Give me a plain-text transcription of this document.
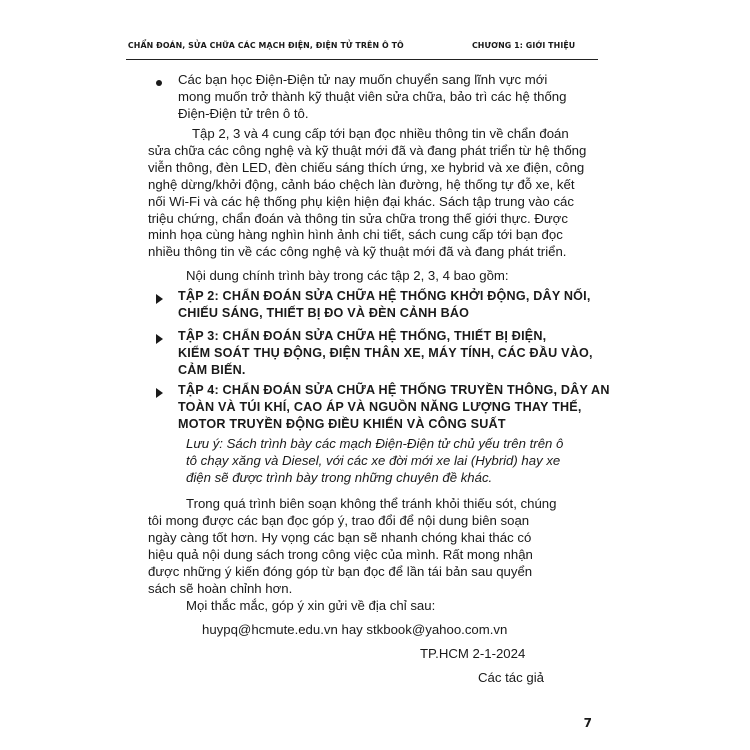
CHẨN ĐOÁN, SỬA CHỮA CÁC MẠCH ĐIỆN, ĐIỆN TỬ TRÊN Ô TÔ	CHƯƠNG 1: GIỚI THIỆU
Các bạn học Điện-Điện tử nay muốn chuyển sang lĩnh vực mới
mong muốn trở thành kỹ thuật viên sửa chữa, bảo trì các hệ thống
Điện-Điện tử trên ô tô.
Tập 2, 3 và 4 cung cấp tới bạn đọc nhiều thông tin về chẩn đoán
sửa chữa các công nghệ và kỹ thuật mới đã và đang phát triển từ hệ thống
viễn thông, đèn LED, đèn chiếu sáng thích ứng, xe hybrid và xe điện, công
nghệ dừng/khởi động, cảnh báo chệch làn đường, hệ thống tự đỗ xe, kết
nối Wi-Fi và các hệ thống phụ kiện hiện đại khác. Sách tập trung vào các
triệu chứng, chẩn đoán và thông tin sửa chữa trong thế giới thực. Được
minh họa cùng hàng nghìn hình ảnh chi tiết, sách cung cấp tới bạn đọc
nhiều thông tin về các công nghệ và kỹ thuật mới đã và đang phát triển.
Nội dung chính trình bày trong các tập 2, 3, 4 bao gồm:
TẬP 2: CHẨN ĐOÁN SỬA CHỮA HỆ THỐNG KHỞI ĐỘNG, DÂY NỐI,
CHIẾU SÁNG, THIẾT BỊ ĐO VÀ ĐÈN CẢNH BÁO
TẬP 3: CHẨN ĐOÁN SỬA CHỮA HỆ THỐNG, THIẾT BỊ ĐIỆN,
KIỂM SOÁT THỤ ĐỘNG, ĐIỆN THÂN XE, MÁY TÍNH, CÁC ĐẦU VÀO,
CẢM BIẾN.
TẬP 4: CHẨN ĐOÁN SỬA CHỮA HỆ THỐNG TRUYỀN THÔNG, DÂY AN
TOÀN VÀ TÚI KHÍ, CAO ÁP VÀ NGUỒN NĂNG LƯỢNG THAY THẾ,
MOTOR TRUYỀN ĐỘNG ĐIỀU KHIỂN VÀ CÔNG SUẤT
Lưu ý: Sách trình bày các mạch Điện-Điện tử chủ yếu trên trên ô
tô chạy xăng và Diesel, với các xe đời mới xe lai (Hybrid) hay xe
điện sẽ được trình bày trong những chuyên đề khác.
Trong quá trình biên soạn không thể tránh khỏi thiếu sót, chúng
tôi mong được các bạn đọc góp ý, trao đổi để nội dung biên soạn
ngày càng tốt hơn. Hy vọng các bạn sẽ nhanh chóng khai thác có
hiệu quả nội dung sách trong công việc của mình. Rất mong nhận
được những ý kiến đóng góp từ bạn đọc để lần tái bản sau quyển
sách sẽ hoàn chỉnh hơn.
Mọi thắc mắc, góp ý xin gửi về địa chỉ sau:
huypq@hcmute.edu.vn hay stkbook@yahoo.com.vn
TP.HCM 2-1-2024
Các tác giả
7
